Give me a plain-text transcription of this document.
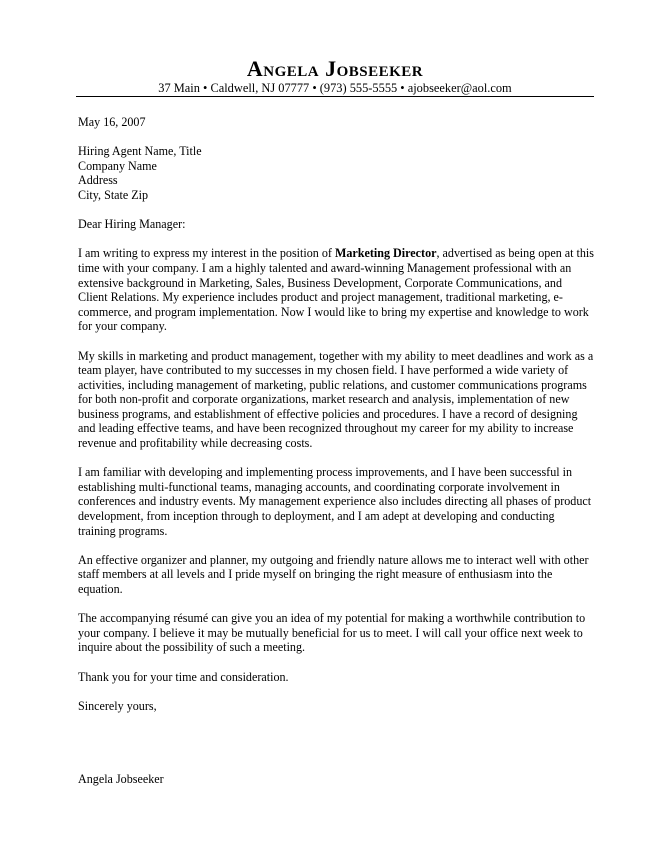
Angela Jobseeker
37 Main • Caldwell, NJ 07777 • (973) 555-5555 • ajobseeker@aol.com

May 16, 2007

Hiring Agent Name, Title
Company Name
Address
City, State Zip

Dear Hiring Manager:

I am writing to express my interest in the position of Marketing Director, advertised as being open at this time with your company. I am a highly talented and award-winning Management professional with an extensive background in Marketing, Sales, Business Development, Corporate Communications, and Client Relations. My experience includes product and project management, traditional marketing, e-commerce, and program implementation. Now I would like to bring my expertise and knowledge to work for your company.

My skills in marketing and product management, together with my ability to meet deadlines and work as a team player, have contributed to my successes in my chosen field. I have performed a wide variety of activities, including management of marketing, public relations, and customer communications programs for both non-profit and corporate organizations, market research and analysis, implementation of new business programs, and establishment of effective policies and procedures. I have a record of designing and leading effective teams, and have been recognized throughout my career for my ability to increase revenue and profitability while decreasing costs.

I am familiar with developing and implementing process improvements, and I have been successful in establishing multi-functional teams, managing accounts, and coordinating corporate involvement in conferences and industry events. My management experience also includes directing all phases of product development, from inception through to deployment, and I am adept at developing and conducting training programs.

An effective organizer and planner, my outgoing and friendly nature allows me to interact well with other staff members at all levels and I pride myself on bringing the right measure of enthusiasm into the equation.

The accompanying résumé can give you an idea of my potential for making a worthwhile contribution to your company. I believe it may be mutually beneficial for us to meet. I will call your office next week to inquire about the possibility of such a meeting.

Thank you for your time and consideration.

Sincerely yours,

Angela Jobseeker
